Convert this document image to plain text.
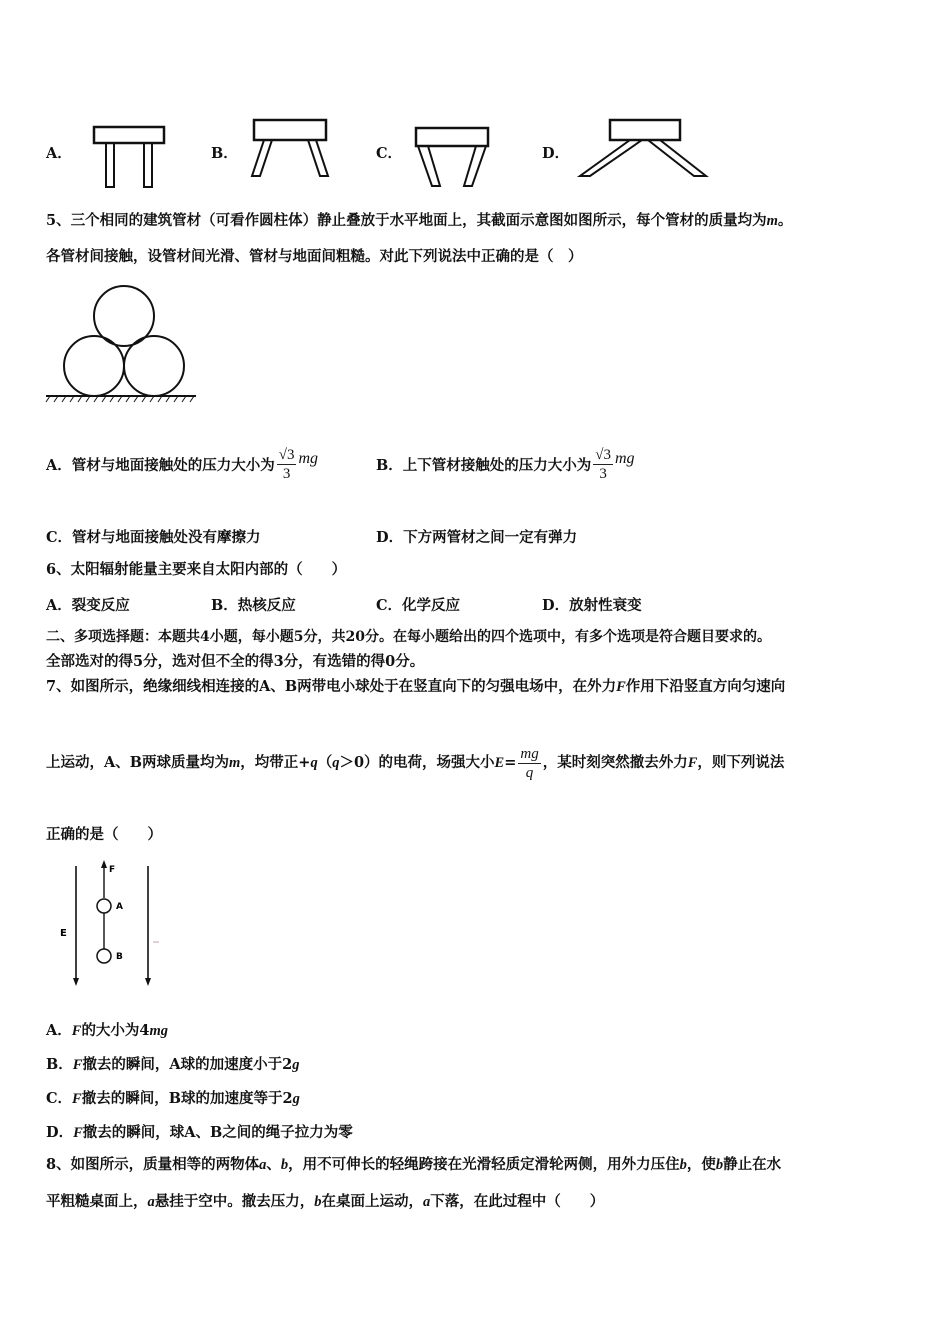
A．	B．	C．	D．
5、三个相同的建筑管材（可看作圆柱体）静止叠放于水平地面上，其截面示意图如图所示，每个管材的质量均为m。
各管材间接触，设管材间光滑、管材与地面间粗糙。对此下列说法中正确的是（　）
A．管材与地面接触处的压力大小为 $\frac{√3}{3}$ mg	B．上下管材接触处的压力大小为 $\frac{√3}{3}$ mg
C．管材与地面接触处没有摩擦力	D．下方两管材之间一定有弹力
6、太阳辐射能量主要来自太阳内部的（　　）
A．裂变反应	B．热核反应	C．化学反应	D．放射性衰变
二、多项选择题：本题共4小题，每小题5分，共20分。在每小题给出的四个选项中，有多个选项是符合题目要求的。
全部选对的得5分，选对但不全的得3分，有选错的得0分。
7、如图所示，绝缘细线相连接的A、B两带电小球处于在竖直向下的匀强电场中，在外力F作用下沿竖直方向匀速向
上运动，A、B两球质量均为 m ，均带正+ q （ q ＞0）的电荷，场强大小 $E = \frac{mg}{q}$ ，某时刻突然撤去外力 F ，则下列说法
正确的是（　　）
F
A
B
E
A．F的大小为4mg
B．F撤去的瞬间，A球的加速度小于2g
C．F撤去的瞬间，B球的加速度等于2g
D．F撤去的瞬间，球A、B之间的绳子拉力为零
8、如图所示，质量相等的两物体a、b，用不可伸长的轻绳跨接在光滑轻质定滑轮两侧，用外力压住b，使b静止在水
平粗糙桌面上，a悬挂于空中。撤去压力，b在桌面上运动，a下落，在此过程中（　　）
